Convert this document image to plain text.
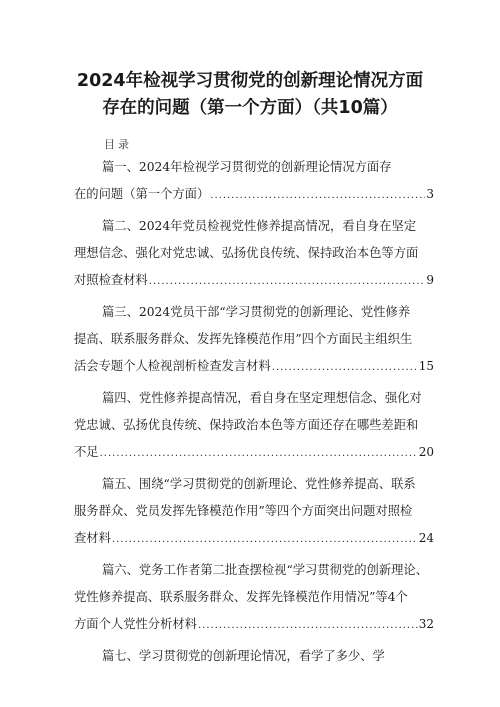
2024年检视学习贯彻党的创新理论情况方面
存在的问题（第一个方面）（共10篇）
目录
篇一、2024年检视学习贯彻党的创新理论情况方面存
在的问题（第一个方面） .....	3
篇二、2024年党员检视党性修养提高情况，看自身在坚定
理想信念、强化对党忠诚、弘扬优良传统、保持政治本色等方面
对照检查材料 .....	9
篇三、2024党员干部“学习贯彻党的创新理论、党性修养
提高、联系服务群众、发挥先锋模范作用”四个方面民主组织生
活会专题个人检视剖析检查发言材料 .....	15
篇四、党性修养提高情况，看自身在坚定理想信念、强化对
党忠诚、弘扬优良传统、保持政治本色等方面还存在哪些差距和
不足 .....	20
篇五、围绕“学习贯彻党的创新理论、党性修养提高、联系
服务群众、党员发挥先锋模范作用”等四个方面突出问题对照检
查材料 .....	24
篇六、党务工作者第二批查摆检视“学习贯彻党的创新理论、
党性修养提高、联系服务群众、发挥先锋模范作用情况”等4个
方面个人党性分析材料 .....	32
篇七、学习贯彻党的创新理论情况，看学了多少、学
